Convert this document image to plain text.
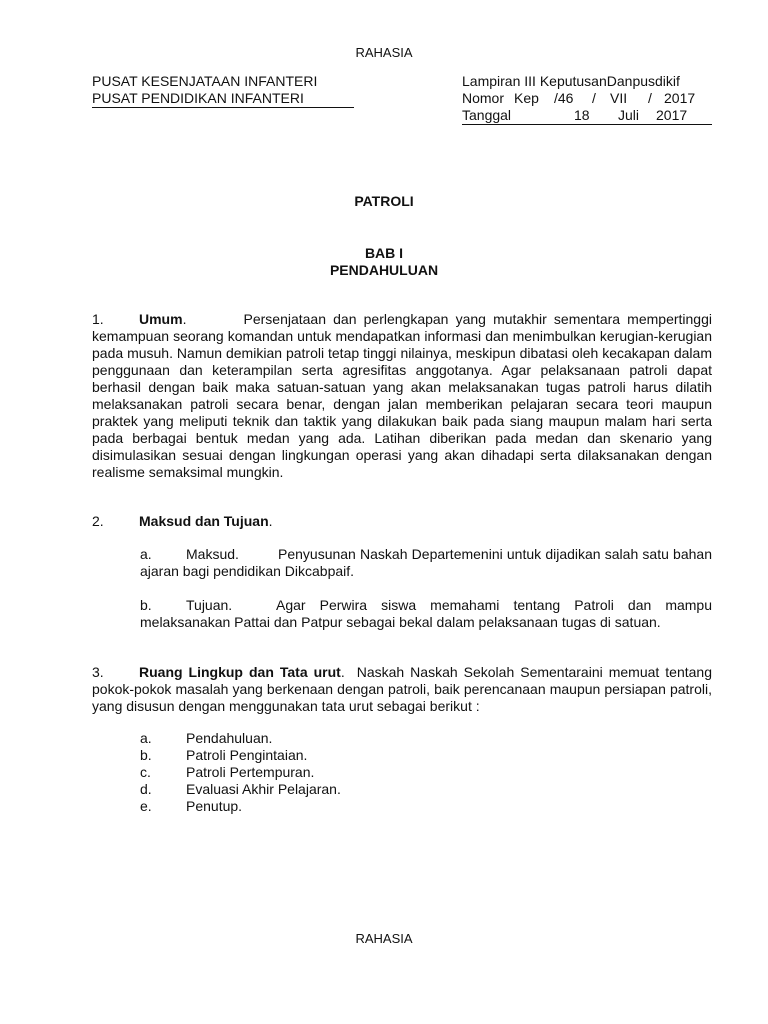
RAHASIA
PUSAT KESENJATAAN INFANTERI
PUSAT PENDIDIKAN INFANTERI
Lampiran III KeputusanDanpusdikif
Nomor Kep	/46	/	VII	/ 2017
Tanggal	18	Juli	2017
PATROLI
BAB I
PENDAHULUAN
1.	Umum.        Persenjataan dan perlengkapan yang mutakhir sementara mempertinggi kemampuan seorang komandan untuk mendapatkan informasi dan menimbulkan kerugian-kerugian pada musuh. Namun demikian patroli tetap tinggi nilainya, meskipun dibatasi oleh kecakapan dalam penggunaan dan keterampilan serta agresifitas anggotanya. Agar pelaksanaan patroli dapat berhasil dengan baik maka satuan-satuan yang akan melaksanakan tugas patroli harus dilatih melaksanakan patroli secara benar, dengan jalan memberikan pelajaran secara teori maupun praktek yang meliputi teknik dan taktik yang dilakukan baik pada siang maupun malam hari serta pada berbagai bentuk medan yang ada. Latihan diberikan pada medan dan skenario yang disimulasikan sesuai dengan lingkungan operasi yang akan dihadapi serta dilaksanakan dengan realisme semaksimal mungkin.
2.	Maksud dan Tujuan.
a. Maksud.	Penyusunan Naskah Departemenini untuk dijadikan salah satu bahan ajaran bagi pendidikan Dikcabpaif.
b. Tujuan.	Agar Perwira siswa memahami tentang Patroli dan mampu melaksanakan Pattai dan Patpur sebagai bekal dalam pelaksanaan tugas di satuan.
3.	Ruang Lingkup dan Tata urut.  Naskah Naskah Sekolah Sementaraini memuat tentang pokok-pokok masalah yang berkenaan dengan patroli, baik perencanaan maupun persiapan patroli, yang disusun dengan menggunakan tata urut sebagai berikut :
a.	Pendahuluan.
b.	Patroli Pengintaian.
c.	Patroli Pertempuran.
d.	Evaluasi Akhir Pelajaran.
e.	Penutup.
RAHASIA
